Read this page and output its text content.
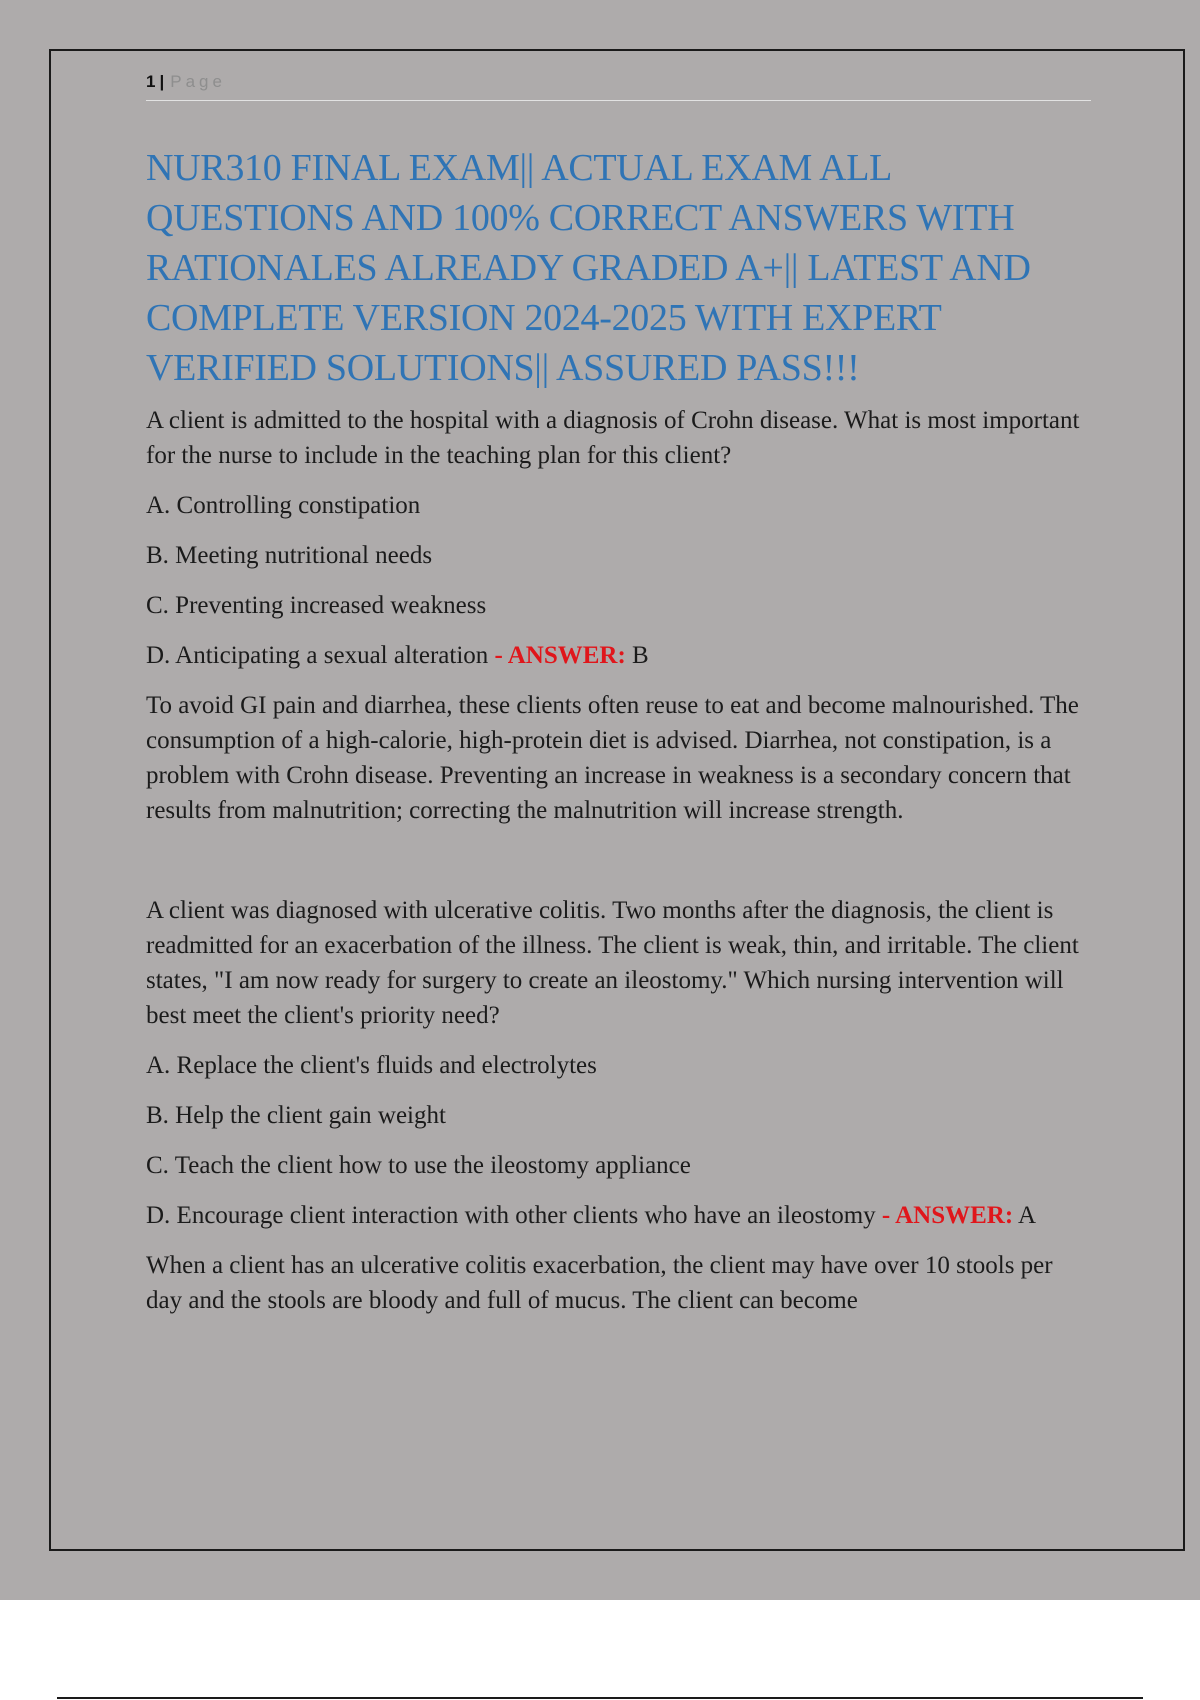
1 | Page
NUR310 FINAL EXAM|| ACTUAL EXAM ALL QUESTIONS AND 100% CORRECT ANSWERS WITH RATIONALES ALREADY GRADED A+|| LATEST AND COMPLETE VERSION 2024-2025 WITH EXPERT VERIFIED SOLUTIONS|| ASSURED PASS!!!

A client is admitted to the hospital with a diagnosis of Crohn disease. What is most important for the nurse to include in the teaching plan for this client?

A. Controlling constipation

B. Meeting nutritional needs

C. Preventing increased weakness

D. Anticipating a sexual alteration - ANSWER: B

To avoid GI pain and diarrhea, these clients often reuse to eat and become malnourished. The consumption of a high-calorie, high-protein diet is advised. Diarrhea, not constipation, is a problem with Crohn disease. Preventing an increase in weakness is a secondary concern that results from malnutrition; correcting the malnutrition will increase strength.

A client was diagnosed with ulcerative colitis. Two months after the diagnosis, the client is readmitted for an exacerbation of the illness. The client is weak, thin, and irritable. The client states, "I am now ready for surgery to create an ileostomy." Which nursing intervention will best meet the client's priority need?

A. Replace the client's fluids and electrolytes

B. Help the client gain weight

C. Teach the client how to use the ileostomy appliance

D. Encourage client interaction with other clients who have an ileostomy - ANSWER: A

When a client has an ulcerative colitis exacerbation, the client may have over 10 stools per day and the stools are bloody and full of mucus. The client can become
